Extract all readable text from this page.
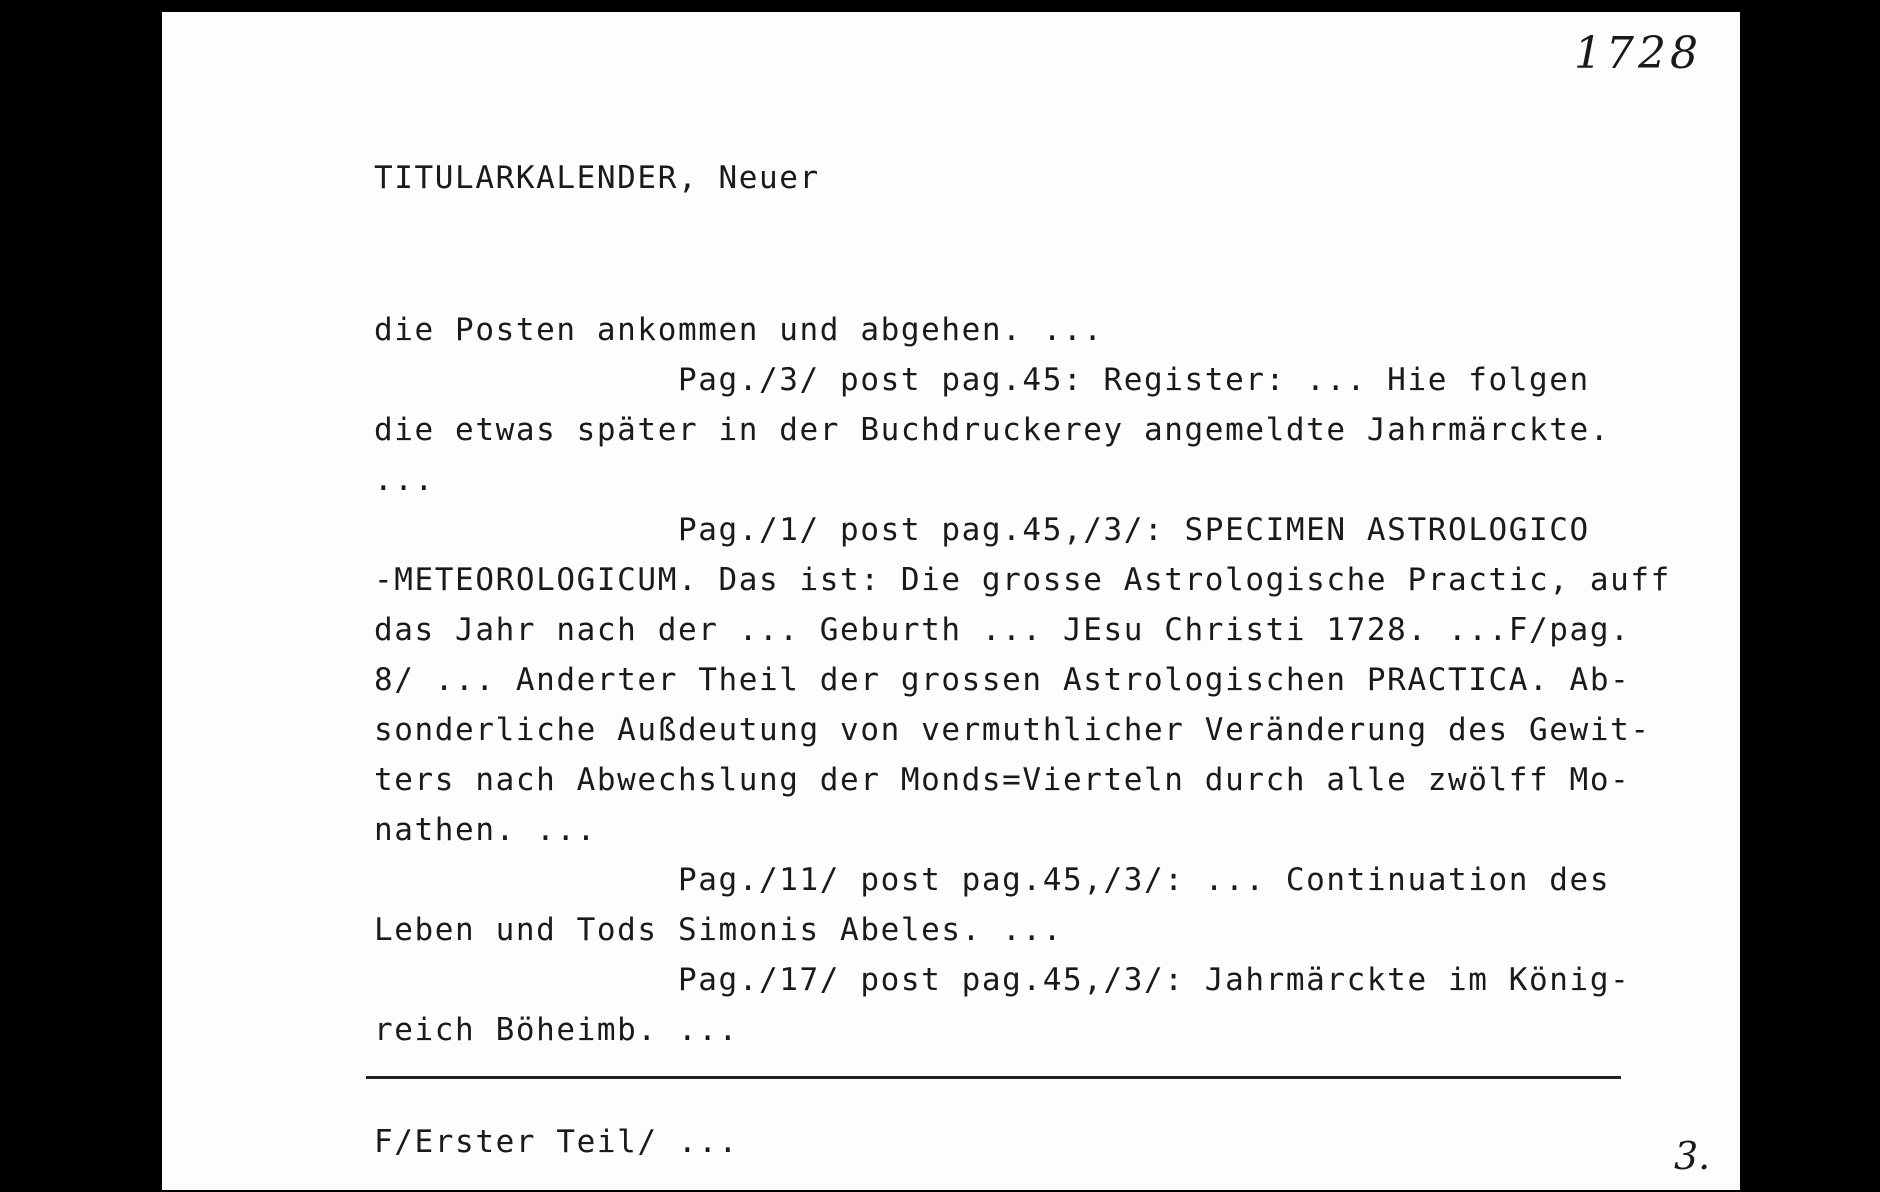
1728
TITULARKALENDER, Neuer
die Posten ankommen und abgehen. ...
Pag./3/ post pag.45: Register: ... Hie folgen
die etwas später in der Buchdruckerey angemeldte Jahrmärckte.
...
Pag./1/ post pag.45,/3/: SPECIMEN ASTROLOGICO
-METEOROLOGICUM. Das ist: Die grosse Astrologische Practic, auff
das Jahr nach der ... Geburth ... JEsu Christi 1728. ...F/pag.
8/ ... Anderter Theil der grossen Astrologischen PRACTICA. Ab-
sonderliche Außdeutung von vermuthlicher Veränderung des Gewit-
ters nach Abwechslung der Monds=Vierteln durch alle zwölff Mo-
nathen. ...
Pag./11/ post pag.45,/3/: ... Continuation des
Leben und Tods Simonis Abeles. ...
Pag./17/ post pag.45,/3/: Jahrmärckte im König-
reich Böheimb. ...
F/Erster Teil/ ...	3.
